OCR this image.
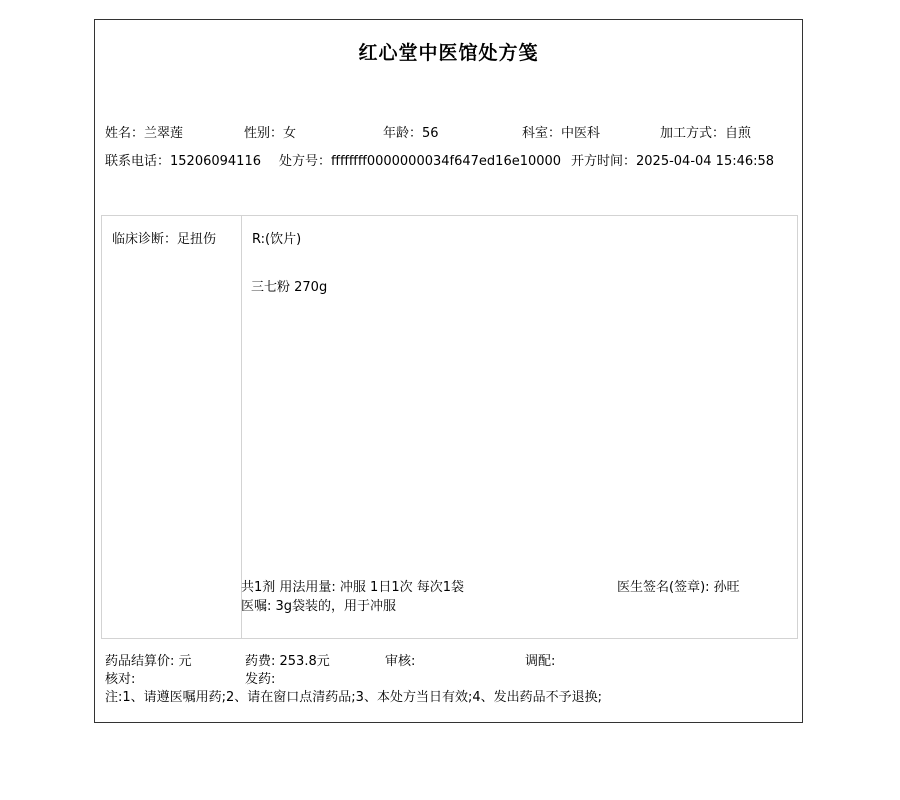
红心堂中医馆处方笺
姓名：兰翠莲	性别：女	年龄：56	科室：中医科	加工方式：自煎
联系电话：15206094116 处方号：ffffffff0000000034f647ed16e10000 开方时间：2025-04-04 15:46:58
临床诊断：足扭伤	R:(饮片)
三七粉 270g
共1剂 用法用量: 冲服 1日1次 每次1袋
医嘱: 3g袋装的，用于冲服
医生签名(签章): 孙旺
药品结算价: 元	药费: 253.8元	审核:	调配:
核对:	发药:
注:1、请遵医嘱用药;2、请在窗口点清药品;3、本处方当日有效;4、发出药品不予退换;
